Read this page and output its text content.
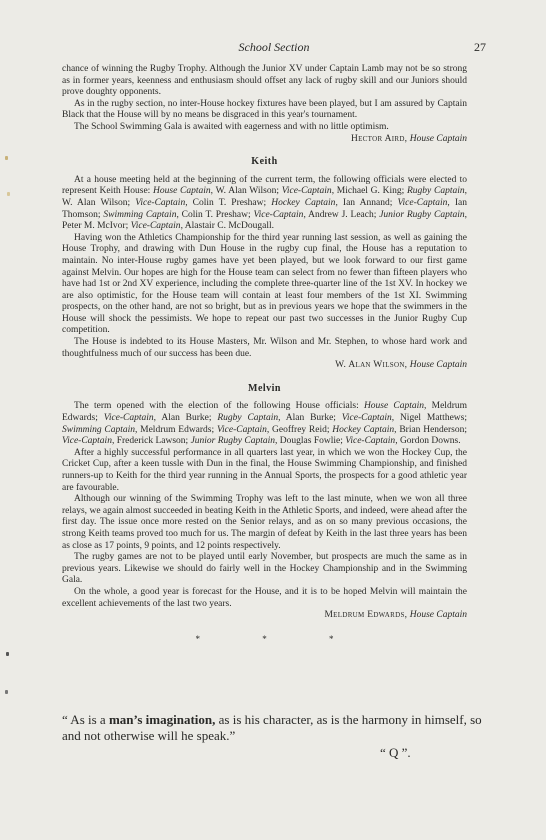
School Section	27

chance of winning the Rugby Trophy. Although the Junior XV under Captain Lamb may not be so strong as in former years, keenness and enthusiasm should offset any lack of rugby skill and our Juniors should prove doughty opponents.

As in the rugby section, no inter-House hockey fixtures have been played, but I am assured by Captain Black that the House will by no means be disgraced in this year's tournament.

The School Swimming Gala is awaited with eagerness and with no little optimism.

Hector Aird, House Captain
Keith

At a house meeting held at the beginning of the current term, the following officials were elected to represent Keith House: House Captain, W. Alan Wilson; Vice-Captain, Michael G. King; Rugby Captain, W. Alan Wilson; Vice-Captain, Colin T. Preshaw; Hockey Captain, Ian Annand; Vice-Captain, Ian Thomson; Swimming Captain, Colin T. Preshaw; Vice-Captain, Andrew J. Leach; Junior Rugby Captain, Peter M. McIvor; Vice-Captain, Alastair C. McDougall.

Having won the Athletics Championship for the third year running last session, as well as gaining the House Trophy, and drawing with Dun House in the rugby cup final, the House has a reputation to maintain. No inter-House rugby games have yet been played, but we look forward to our first game against Melvin. Our hopes are high for the House team can select from no fewer than fifteen players who have had 1st or 2nd XV experience, including the complete three-quarter line of the 1st XV. In hockey we are also optimistic, for the House team will contain at least four members of the 1st XI. Swimming prospects, on the other hand, are not so bright, but as in previous years we hope that the swimmers in the House will shock the pessimists. We hope to repeat our past two successes in the Junior Rugby Cup competition.

The House is indebted to its House Masters, Mr. Wilson and Mr. Stephen, to whose hard work and thoughtfulness much of our success has been due.

W. Alan Wilson, House Captain
Melvin

The term opened with the election of the following House officials: House Captain, Meldrum Edwards; Vice-Captain, Alan Burke; Rugby Captain, Alan Burke; Vice-Captain, Nigel Matthews; Swimming Captain, Meldrum Edwards; Vice-Captain, Geoffrey Reid; Hockey Captain, Brian Henderson; Vice-Captain, Frederick Lawson; Junior Rugby Captain, Douglas Fowlie; Vice-Captain, Gordon Downs.

After a highly successful performance in all quarters last year, in which we won the Hockey Cup, the Cricket Cup, after a keen tussle with Dun in the final, the House Swimming Championship, and finished runners-up to Keith for the third year running in the Annual Sports, the prospects for a good athletic year are favourable.

Although our winning of the Swimming Trophy was left to the last minute, when we won all three relays, we again almost succeeded in beating Keith in the Athletic Sports, and indeed, were ahead after the first day. The issue once more rested on the Senior relays, and as on so many previous occasions, the strong Keith teams proved too much for us. The margin of defeat by Keith in the last three years has been as close as 17 points, 9 points, and 12 points respectively.

The rugby games are not to be played until early November, but prospects are much the same as in previous years. Likewise we should do fairly well in the Hockey Championship and in the Swimming Gala.

On the whole, a good year is forecast for the House, and it is to be hoped Melvin will maintain the excellent achievements of the last two years.

Meldrum Edwards, House Captain
* * *
“ As is a man’s imagination, as is his character, as is the harmony in himself, so and not otherwise will he speak.”
“ Q ”.
